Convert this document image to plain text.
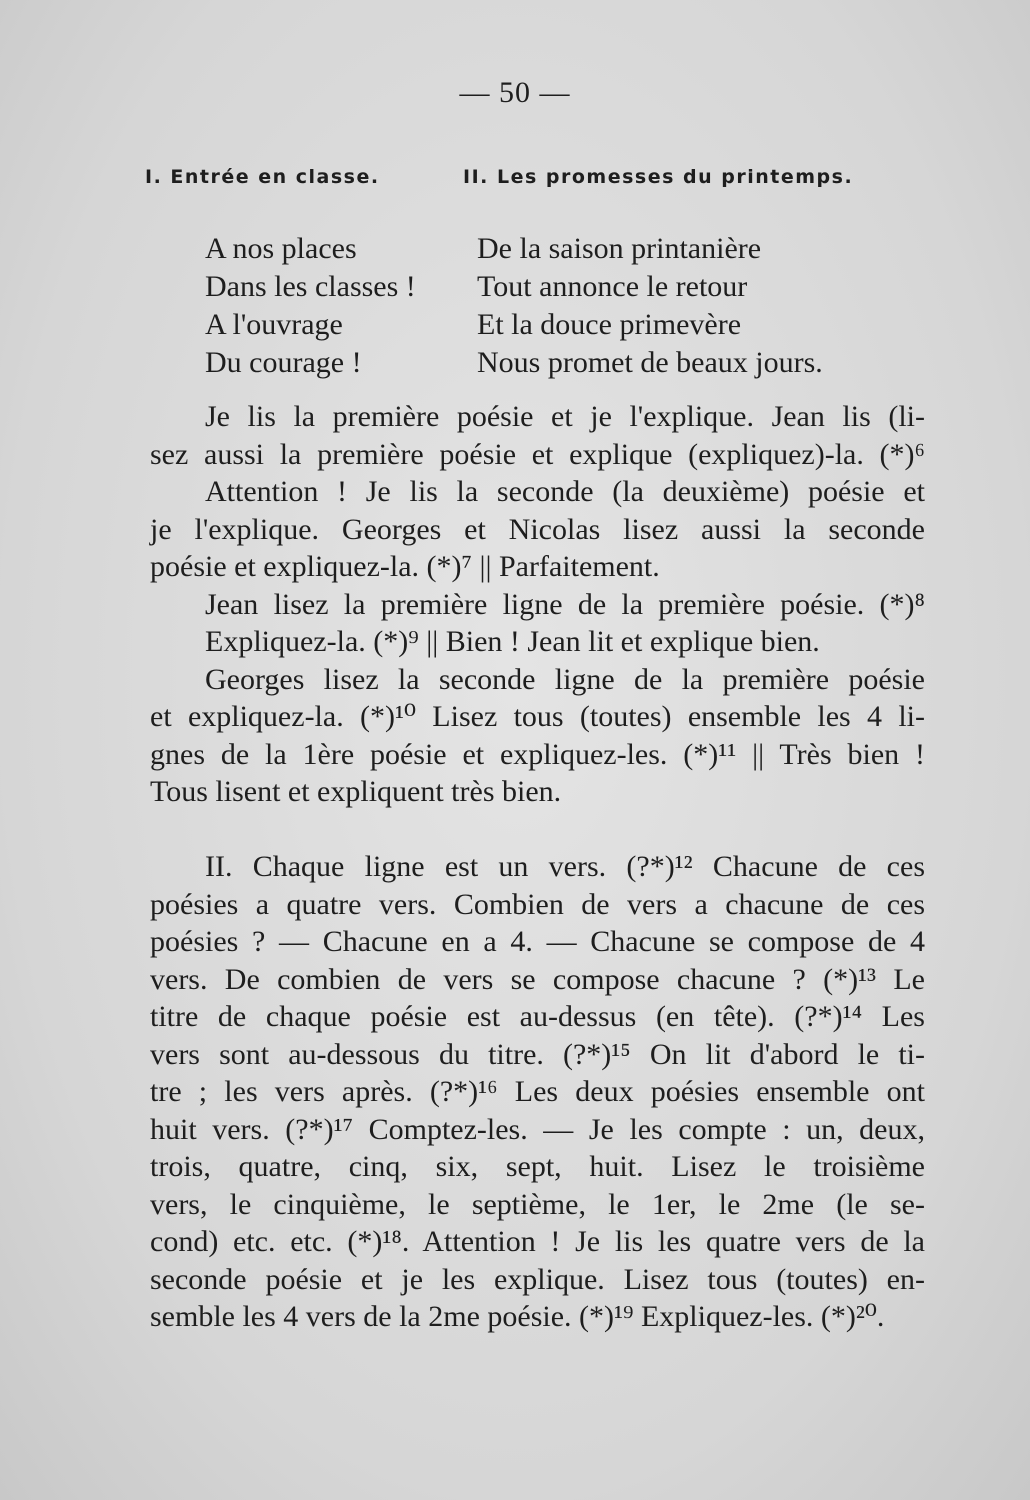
— 50 —
I. Entrée en classe.	II. Les promesses du printemps.
A nos places
Dans les classes !
A l'ouvrage
Du courage !
De la saison printanière
Tout annonce le retour
Et la douce primevère
Nous promet de beaux jours.
Je lis la première poésie et je l'explique. Jean lis (li-
sez aussi la première poésie et explique (expliquez)-la. (*)⁶
Attention ! Je lis la seconde (la deuxième) poésie et
je l'explique. Georges et Nicolas lisez aussi la seconde
poésie et expliquez-la. (*)⁷ || Parfaitement.
Jean lisez la première ligne de la première poésie. (*)⁸
Expliquez-la. (*)⁹ || Bien ! Jean lit et explique bien.
Georges lisez la seconde ligne de la première poésie
et expliquez-la. (*)¹⁰ Lisez tous (toutes) ensemble les 4 li-
gnes de la 1ère poésie et expliquez-les. (*)¹¹ || Très bien !
Tous lisent et expliquent très bien.
II. Chaque ligne est un vers. (?*)¹² Chacune de ces
poésies a quatre vers. Combien de vers a chacune de ces
poésies ? — Chacune en a 4. — Chacune se compose de 4
vers. De combien de vers se compose chacune ? (*)¹³ Le
titre de chaque poésie est au-dessus (en tête). (?*)¹⁴ Les
vers sont au-dessous du titre. (?*)¹⁵ On lit d'abord le ti-
tre ; les vers après. (?*)¹⁶ Les deux poésies ensemble ont
huit vers. (?*)¹⁷ Comptez-les. — Je les compte : un, deux,
trois, quatre, cinq, six, sept, huit. Lisez le troisième
vers, le cinquième, le septième, le 1er, le 2me (le se-
cond) etc. etc. (*)¹⁸. Attention ! Je lis les quatre vers de la
seconde poésie et je les explique. Lisez tous (toutes) en-
semble les 4 vers de la 2me poésie. (*)¹⁹ Expliquez-les. (*)²⁰.
